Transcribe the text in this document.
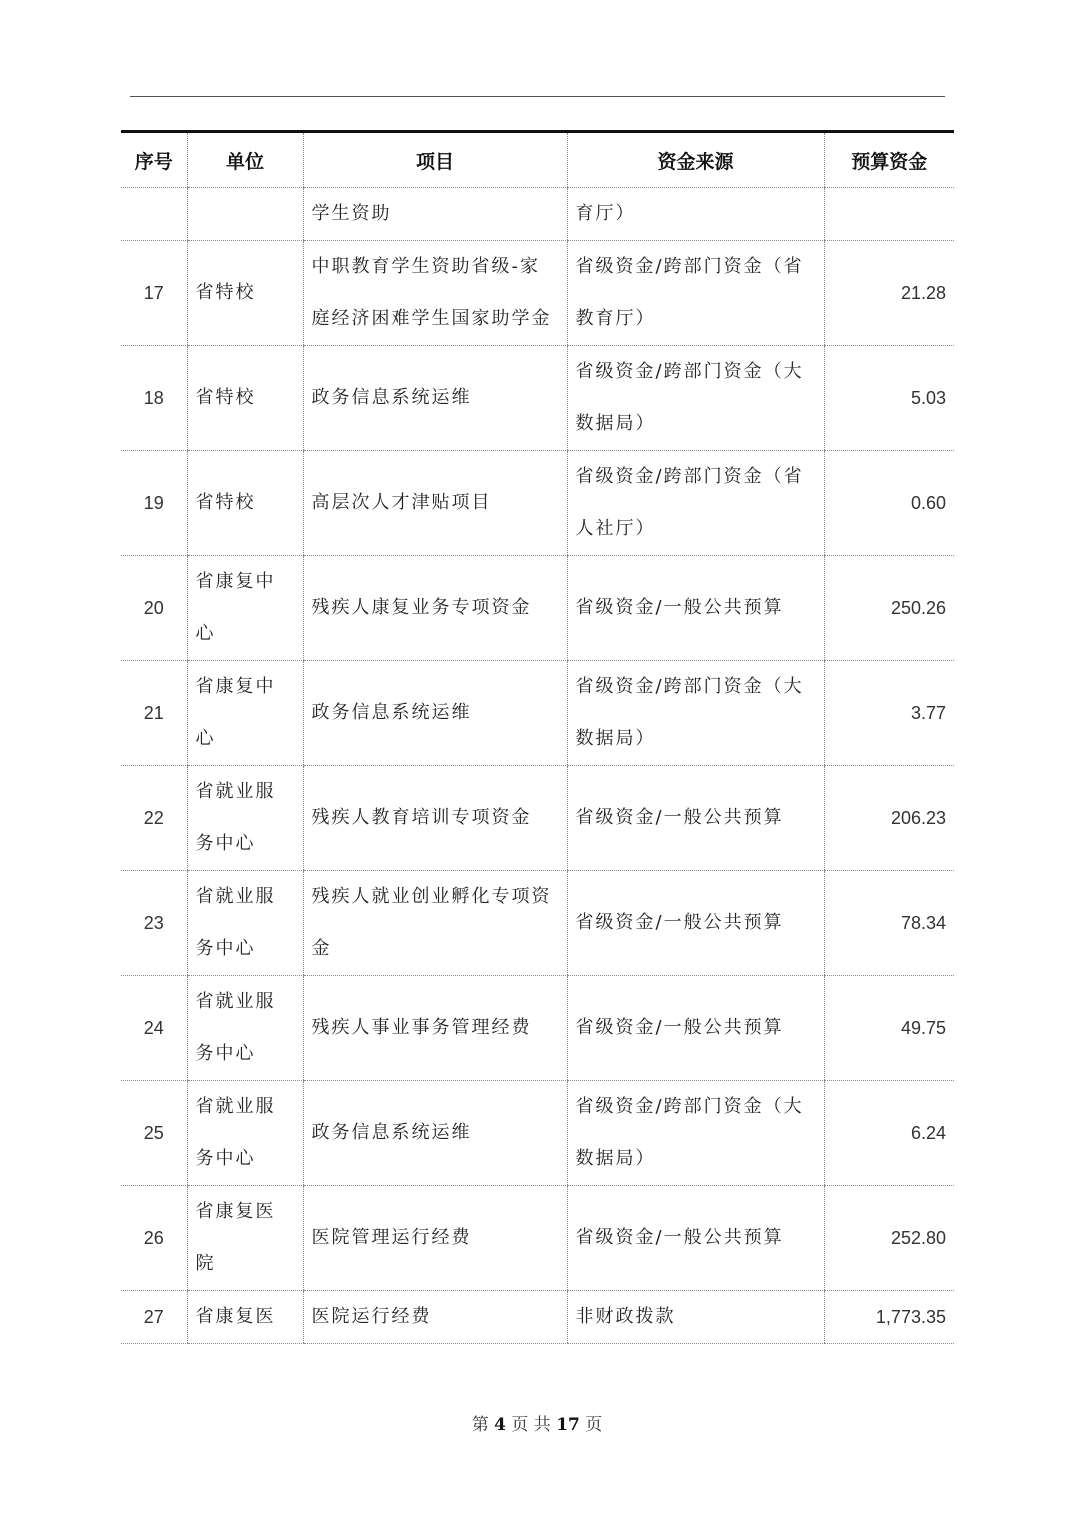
序号	单位	项目	资金来源	预算资金
		学生资助	育厅）	
17	省特校	中职教育学生资助省级-家庭经济困难学生国家助学金	省级资金/跨部门资金（省教育厅）	21.28
18	省特校	政务信息系统运维	省级资金/跨部门资金（大数据局）	5.03
19	省特校	高层次人才津贴项目	省级资金/跨部门资金（省人社厅）	0.60
20	省康复中心	残疾人康复业务专项资金	省级资金/一般公共预算	250.26
21	省康复中心	政务信息系统运维	省级资金/跨部门资金（大数据局）	3.77
22	省就业服务中心	残疾人教育培训专项资金	省级资金/一般公共预算	206.23
23	省就业服务中心	残疾人就业创业孵化专项资金	省级资金/一般公共预算	78.34
24	省就业服务中心	残疾人事业事务管理经费	省级资金/一般公共预算	49.75
25	省就业服务中心	政务信息系统运维	省级资金/跨部门资金（大数据局）	6.24
26	省康复医院	医院管理运行经费	省级资金/一般公共预算	252.80
27	省康复医	医院运行经费	非财政拨款	1,773.35
第 4 页 共 17 页
